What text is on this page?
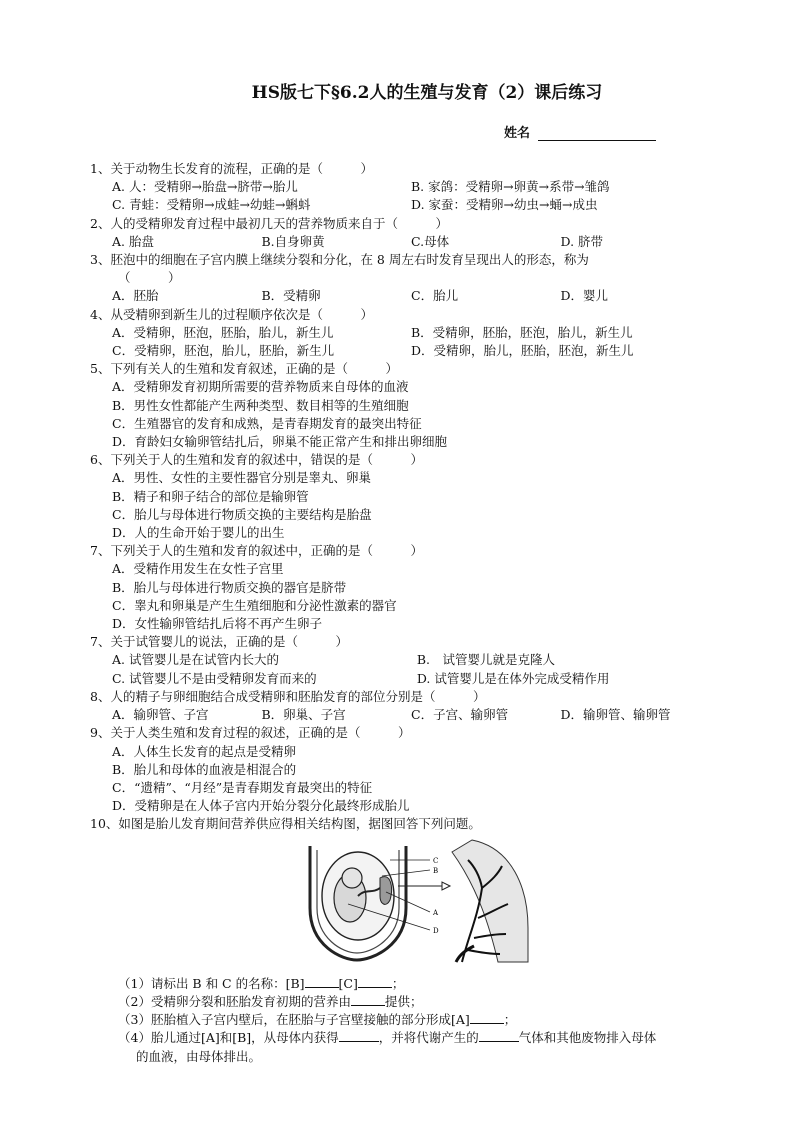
HS版七下§6.2人的生殖与发育（2）课后练习
姓名
1、关于动物生长发育的流程，正确的是（　　　）
A. 人：受精卵→胎盘→脐带→胎儿	B. 家鸽：受精卵→卵黄→系带→雏鸽
C. 青蛙：受精卵→成蛙→幼蛙→蝌蚪	D. 家蚕：受精卵→幼虫→蛹→成虫
2、人的受精卵发育过程中最初几天的营养物质来自于（　　　）
A. 胎盘	B.自身卵黄	C.母体	D. 脐带
3、胚泡中的细胞在子宫内膜上继续分裂和分化，在 8 周左右时发育呈现出人的形态，称为
（　　　）
A．胚胎	B．受精卵	C．胎儿	D．婴儿
4、从受精卵到新生儿的过程顺序依次是（　　　）
A．受精卵，胚泡，胚胎，胎儿，新生儿	B．受精卵，胚胎，胚泡，胎儿，新生儿
C．受精卵，胚泡，胎儿，胚胎，新生儿	D．受精卵，胎儿，胚胎，胚泡，新生儿
5、下列有关人的生殖和发育叙述，正确的是（　　　）
A．受精卵发育初期所需要的营养物质来自母体的血液
B．男性女性都能产生两种类型、数目相等的生殖细胞
C．生殖器官的发育和成熟，是青春期发育的最突出特征
D．育龄妇女输卵管结扎后，卵巢不能正常产生和排出卵细胞
6、下列关于人的生殖和发育的叙述中，错误的是（　　　）
A．男性、女性的主要性器官分别是睾丸、卵巢
B．精子和卵子结合的部位是输卵管
C．胎儿与母体进行物质交换的主要结构是胎盘
D．人的生命开始于婴儿的出生
7、下列关于人的生殖和发育的叙述中，正确的是（　　　）
A．受精作用发生在女性子宫里
B．胎儿与母体进行物质交换的器官是脐带
C．睾丸和卵巢是产生生殖细胞和分泌性激素的器官
D．女性输卵管结扎后将不再产生卵子
7、关于试管婴儿的说法，正确的是（　　　）
A. 试管婴儿是在试管内长大的	B.　试管婴儿就是克隆人
C. 试管婴儿不是由受精卵发育而来的	D. 试管婴儿是在体外完成受精作用
8、人的精子与卵细胞结合成受精卵和胚胎发育的部位分别是（　　　）
A．输卵管、子宫	B．卵巢、子宫	C．子宫、输卵管	D．输卵管、输卵管
9、关于人类生殖和发育过程的叙述，正确的是（　　　）
A．人体生长发育的起点是受精卵
B．胎儿和母体的血液是相混合的
C．“遗精”、“月经”是青春期发育最突出的特征
D．受精卵是在人体子宫内开始分裂分化最终形成胎儿
10、如图是胎儿发育期间营养供应得相关结构图，据图回答下列问题。
C
B
A
D
（1）请标出 B 和 C 的名称：[B]	[C]	；
（2）受精卵分裂和胚胎发育初期的营养由	提供；
（3）胚胎植入子宫内壁后，在胚胎与子宫壁接触的部分形成[A]	；
（4）胎儿通过[A]和[B]，从母体内获得	，并将代谢产生的	气体和其他废物排入母体
的血液，由母体排出。
